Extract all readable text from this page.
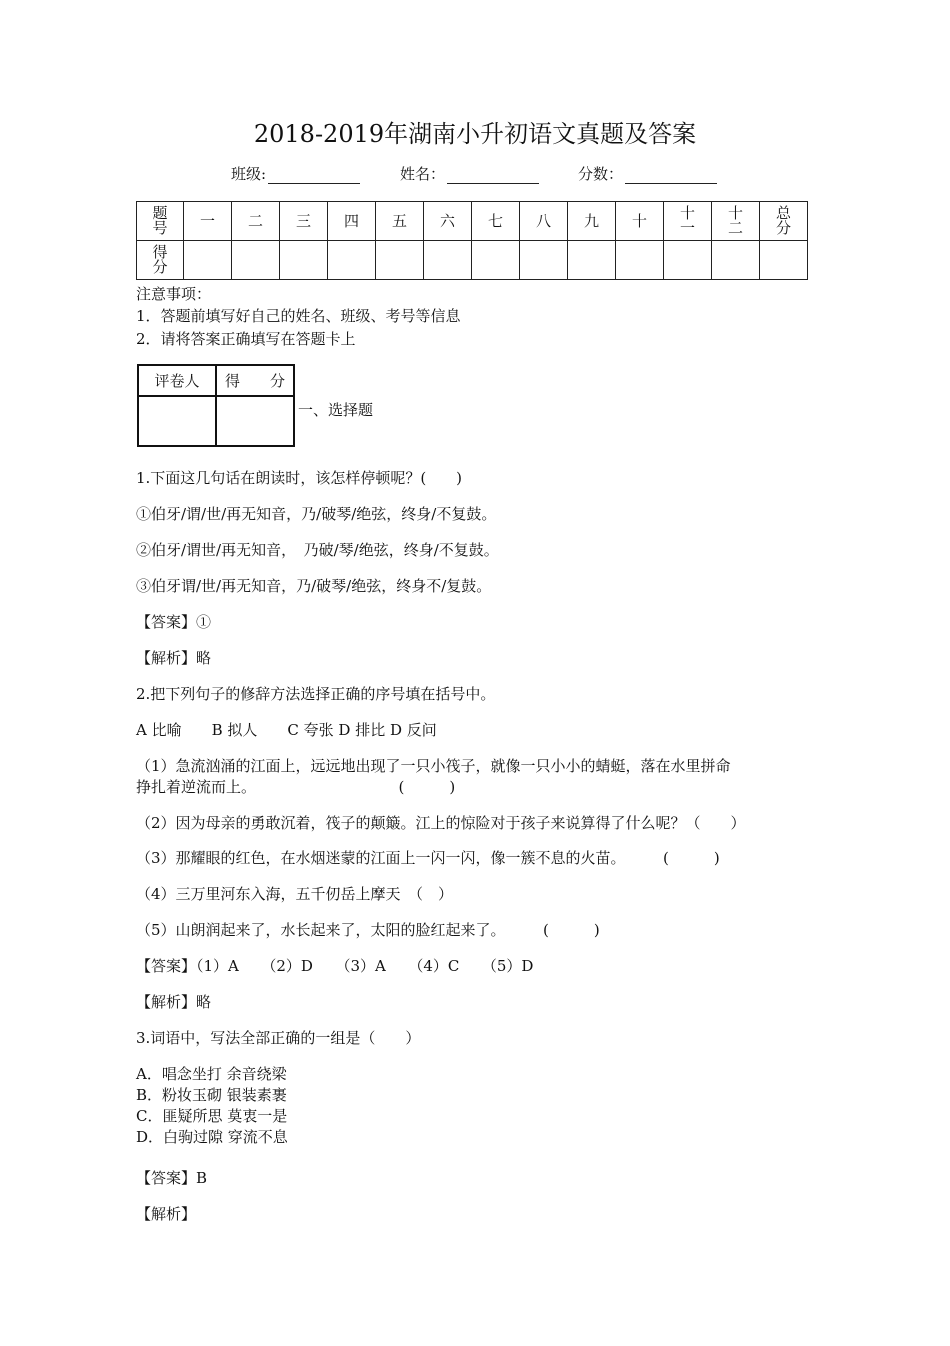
2018-2019年湖南小升初语文真题及答案
班级:	姓名：	分数：
题号	一	二	三	四	五	六	七	八	九	十	十一	十二	总分
得分													
注意事项：
1．答题前填写好自己的姓名、班级、考号等信息
2．请将答案正确填写在答题卡上
评卷人	得　　分

一、选择题
1.下面这几句话在朗读时，该怎样停顿呢？(　　)
①伯牙/谓/世/再无知音，乃/破琴/绝弦，终身/不复鼓。
②伯牙/谓世/再无知音，　乃破/琴/绝弦，终身/不复鼓。
③伯牙谓/世/再无知音，乃/破琴/绝弦，终身不/复鼓。
【答案】①
【解析】略
2.把下列句子的修辞方法选择正确的序号填在括号中。
A 比喻　　B 拟人　　C 夸张 D 排比 D 反问
（1）急流汹涌的江面上，远远地出现了一只小筏子，就像一只小小的蜻蜓，落在水里拼命
挣扎着逆流而上。　　　　　　　　　　(　　　)
（2）因为母亲的勇敢沉着，筏子的颠簸。江上的惊险对于孩子来说算得了什么呢？（　　）
（3）那耀眼的红色，在水烟迷蒙的江面上一闪一闪，像一簇不息的火苗。　　　(　　　)
（4）三万里河东入海，五千仞岳上摩天　（　）
（5）山朗润起来了，水长起来了，太阳的脸红起来了。　　　(　　　)
【答案】（1）A　　（2）D　　（3）A　　（4）C　　（5）D
【解析】略
3.词语中，写法全部正确的一组是（　　）
A．唱念坐打 余音绕梁
B．粉妆玉砌 银装素裹
C．匪疑所思 莫衷一是
D．白驹过隙 穿流不息
【答案】B
【解析】
